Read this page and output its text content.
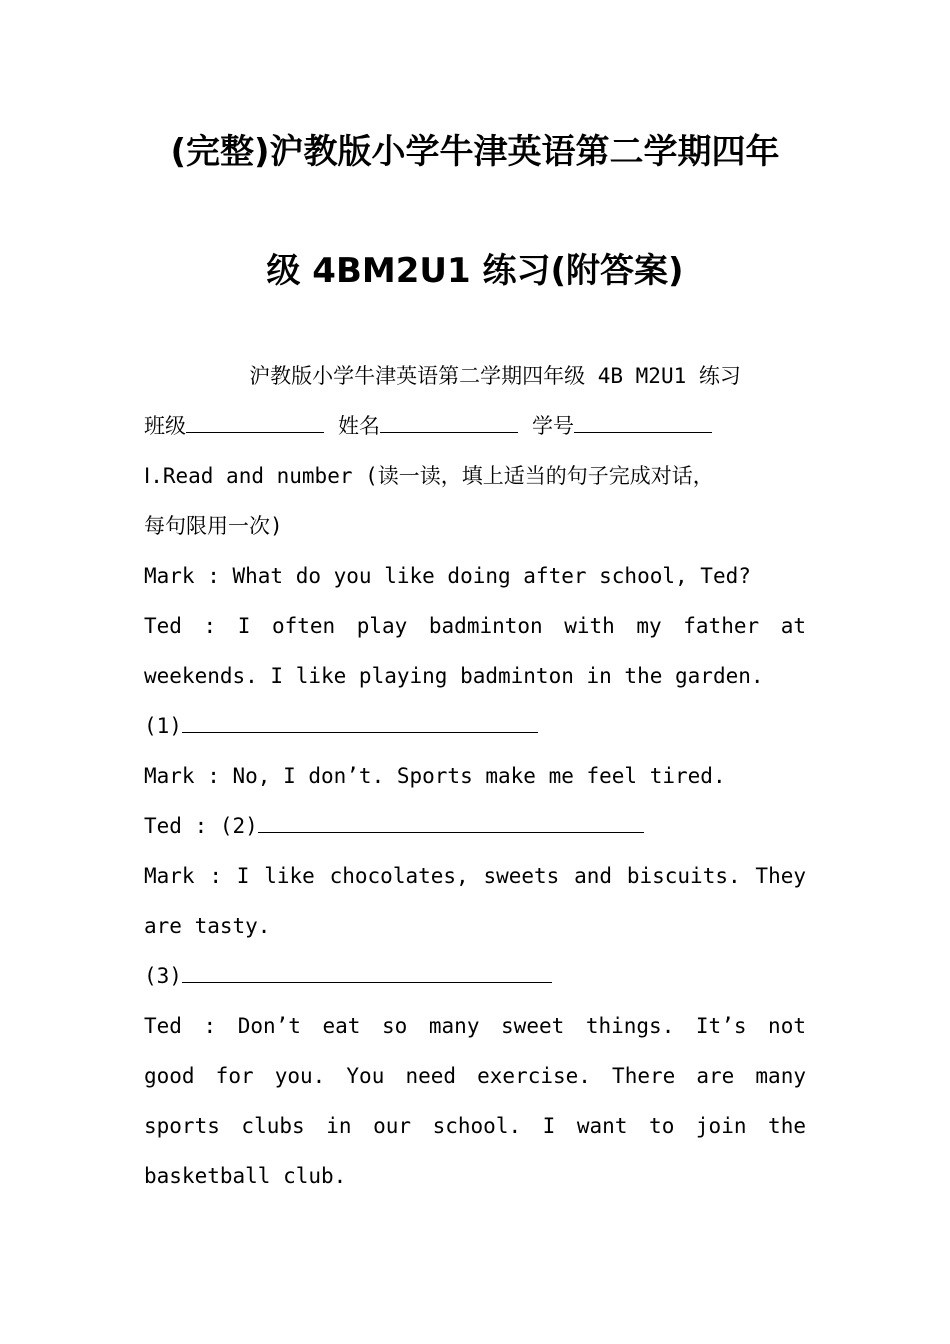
(完整)沪教版小学牛津英语第二学期四年
级 4BM2U1 练习(附答案)
沪教版小学牛津英语第二学期四年级 4B M2U1 练习
班级	姓名	学号
Ⅰ.Read and number (读一读，填上适当的句子完成对话，
每句限用一次)
Mark : What do you like doing after school, Ted?
Ted : I often play badminton with my father at
weekends. I like playing badminton in the garden.
(1)
Mark : No, I don’t. Sports make me feel tired.
Ted : (2)
Mark : I like chocolates, sweets and biscuits. They
are tasty.
(3)
Ted : Don’t eat so many sweet things. It’s not
good for you. You need exercise. There are many
sports clubs in our school. I want to join the
basketball club.
